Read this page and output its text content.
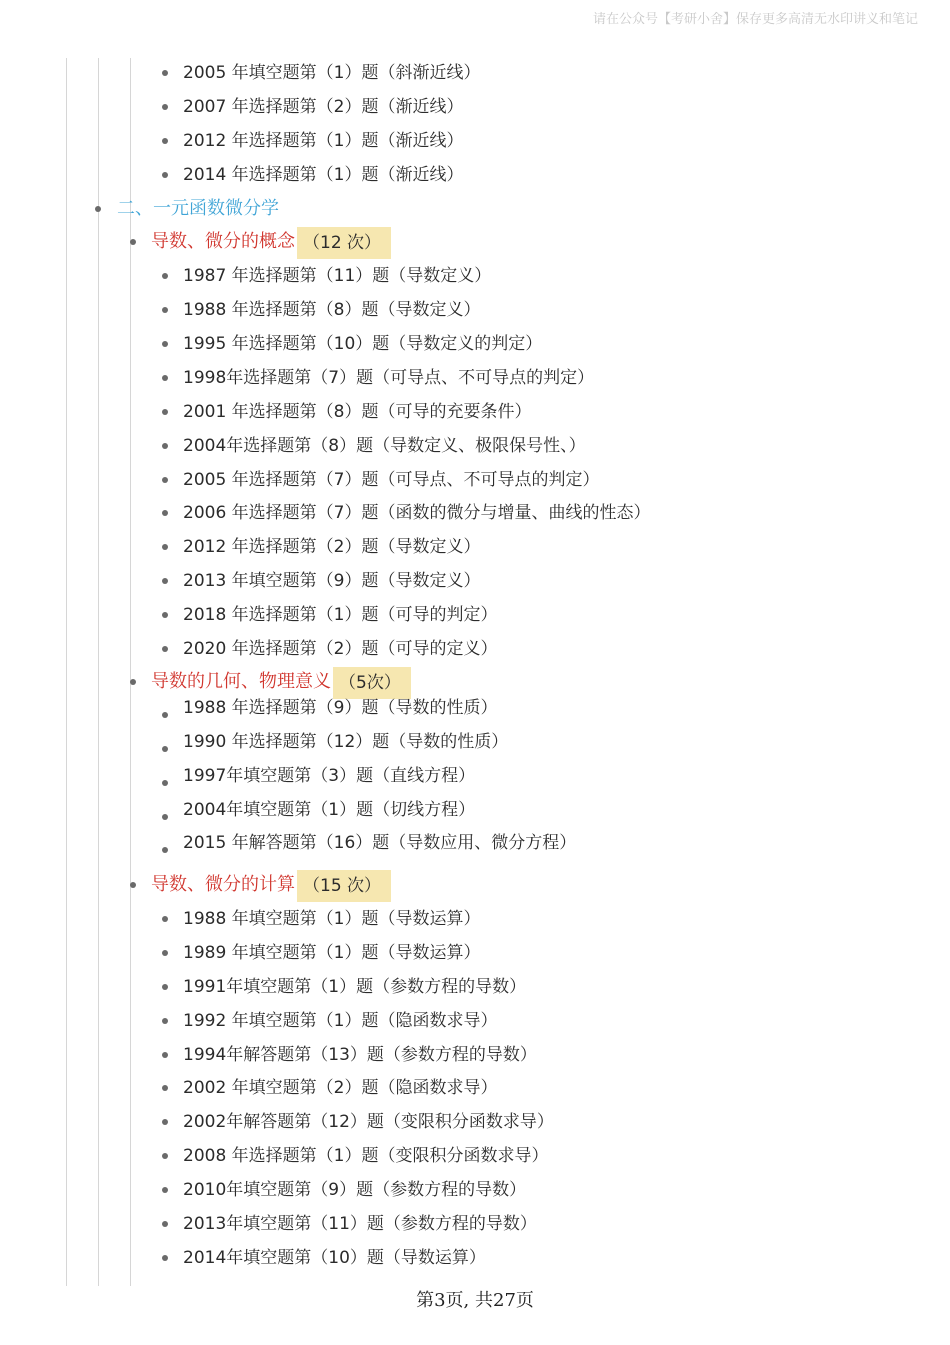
请在公众号【考研小舍】保存更多高清无水印讲义和笔记
2005 年填空题第（1）题（斜渐近线）
2007 年选择题第（2）题（渐近线）
2012 年选择题第（1）题（渐近线）
2014 年选择题第（1）题（渐近线）
二、一元函数微分学
导数、微分的概念 （12 次）
1987 年选择题第（11）题（导数定义）
1988 年选择题第（8）题（导数定义）
1995 年选择题第（10）题（导数定义的判定）
1998年选择题第（7）题（可导点、不可导点的判定）
2001 年选择题第（8）题（可导的充要条件）
2004年选择题第（8）题（导数定义、极限保号性、）
2005 年选择题第（7）题（可导点、不可导点的判定）
2006 年选择题第（7）题（函数的微分与增量、曲线的性态）
2012 年选择题第（2）题（导数定义）
2013 年填空题第（9）题（导数定义）
2018 年选择题第（1）题（可导的判定）
2020 年选择题第（2）题（可导的定义）
导数的几何、物理意义 （5次）
1988 年选择题第（9）题（导数的性质）
1990 年选择题第（12）题（导数的性质）
1997年填空题第（3）题（直线方程）
2004年填空题第（1）题（切线方程）
2015 年解答题第（16）题（导数应用、微分方程）
导数、微分的计算 （15 次）
1988 年填空题第（1）题（导数运算）
1989 年填空题第（1）题（导数运算）
1991年填空题第（1）题（参数方程的导数）
1992 年填空题第（1）题（隐函数求导）
1994年解答题第（13）题（参数方程的导数）
2002 年填空题第（2）题（隐函数求导）
2002年解答题第（12）题（变限积分函数求导）
2008 年选择题第（1）题（变限积分函数求导）
2010年填空题第（9）题（参数方程的导数）
2013年填空题第（11）题（参数方程的导数）
2014年填空题第（10）题（导数运算）
第3页, 共27页
